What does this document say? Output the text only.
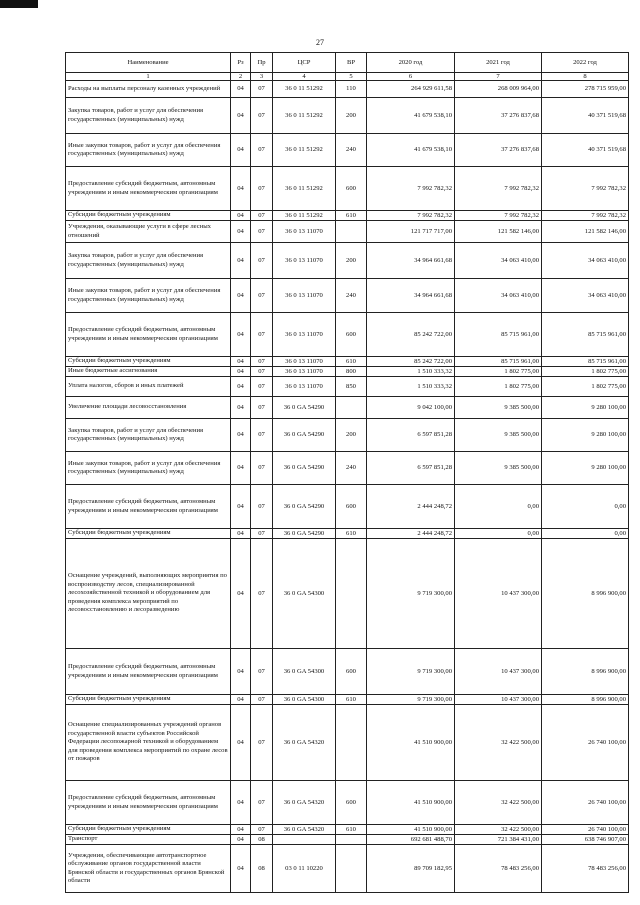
27
Наименование	Рз	Пр	ЦСР	ВР	2020 год	2021 год	2022 год
1	2	3	4	5	6	7	8
Расходы на выплаты персоналу казенных учреждений	04	07	36 0 11 51292	110	264 929 611,58	268 009 964,00	278 715 959,00
Закупка товаров, работ и услуг для обеспечения государственных (муниципальных) нужд	04	07	36 0 11 51292	200	41 679 538,10	37 276 837,68	40 371 519,68
Иные закупки товаров, работ и услуг для обеспечения государственных (муниципальных) нужд	04	07	36 0 11 51292	240	41 679 538,10	37 276 837,68	40 371 519,68
Предоставление субсидий бюджетным, автономным учреждениям и иным некоммерческим организациям	04	07	36 0 11 51292	600	7 992 782,32	7 992 782,32	7 992 782,32
Субсидии бюджетным учреждениям	04	07	36 0 11 51292	610	7 992 782,32	7 992 782,32	7 992 782,32
Учреждения, оказывающие услуги в сфере лесных отношений	04	07	36 0 13 11070		121 717 717,00	121 582 146,00	121 582 146,00
Закупка товаров, работ и услуг для обеспечения государственных (муниципальных) нужд	04	07	36 0 13 11070	200	34 964 661,68	34 063 410,00	34 063 410,00
Иные закупки товаров, работ и услуг для обеспечения государственных (муниципальных) нужд	04	07	36 0 13 11070	240	34 964 661,68	34 063 410,00	34 063 410,00
Предоставление субсидий бюджетным, автономным учреждениям и иным некоммерческим организациям	04	07	36 0 13 11070	600	85 242 722,00	85 715 961,00	85 715 961,00
Субсидии бюджетным учреждениям	04	07	36 0 13 11070	610	85 242 722,00	85 715 961,00	85 715 961,00
Иные бюджетные ассигнования	04	07	36 0 13 11070	800	1 510 333,32	1 802 775,00	1 802 775,00
Уплата налогов, сборов и иных платежей	04	07	36 0 13 11070	850	1 510 333,32	1 802 775,00	1 802 775,00
Увеличение площади лесовосстановления	04	07	36 0 GA 54290		9 042 100,00	9 385 500,00	9 280 100,00
Закупка товаров, работ и услуг для обеспечения государственных (муниципальных) нужд	04	07	36 0 GA 54290	200	6 597 851,28	9 385 500,00	9 280 100,00
Иные закупки товаров, работ и услуг для обеспечения государственных (муниципальных) нужд	04	07	36 0 GA 54290	240	6 597 851,28	9 385 500,00	9 280 100,00
Предоставление субсидий бюджетным, автономным учреждениям и иным некоммерческим организациям	04	07	36 0 GA 54290	600	2 444 248,72	0,00	0,00
Субсидии бюджетным учреждениям	04	07	36 0 GA 54290	610	2 444 248,72	0,00	0,00
Оснащение учреждений, выполняющих мероприятия по воспроизводству лесов, специализированной лесохозяйственной техникой и оборудованием для проведения комплекса мероприятий по лесовосстановлению и лесоразведению	04	07	36 0 GA 54300		9 719 300,00	10 437 300,00	8 996 900,00
Предоставление субсидий бюджетным, автономным учреждениям и иным некоммерческим организациям	04	07	36 0 GA 54300	600	9 719 300,00	10 437 300,00	8 996 900,00
Субсидии бюджетным учреждениям	04	07	36 0 GA 54300	610	9 719 300,00	10 437 300,00	8 996 900,00
Оснащение специализированных учреждений органов государственной власти субъектов Российской Федерации лесопожарной техникой и оборудованием для проведения комплекса мероприятий по охране лесов от пожаров	04	07	36 0 GA 54320		41 510 900,00	32 422 500,00	26 740 100,00
Предоставление субсидий бюджетным, автономным учреждениям и иным некоммерческим организациям	04	07	36 0 GA 54320	600	41 510 900,00	32 422 500,00	26 740 100,00
Субсидии бюджетным учреждениям	04	07	36 0 GA 54320	610	41 510 900,00	32 422 500,00	26 740 100,00
Транспорт	04	08			692 681 488,70	721 384 431,00	638 746 907,00
Учреждения, обеспечивающие автотранспортное обслуживание органов государственной власти Брянской области и государственных органов Брянской области	04	08	03 0 11 10220		89 709 182,95	78 483 256,00	78 483 256,00
